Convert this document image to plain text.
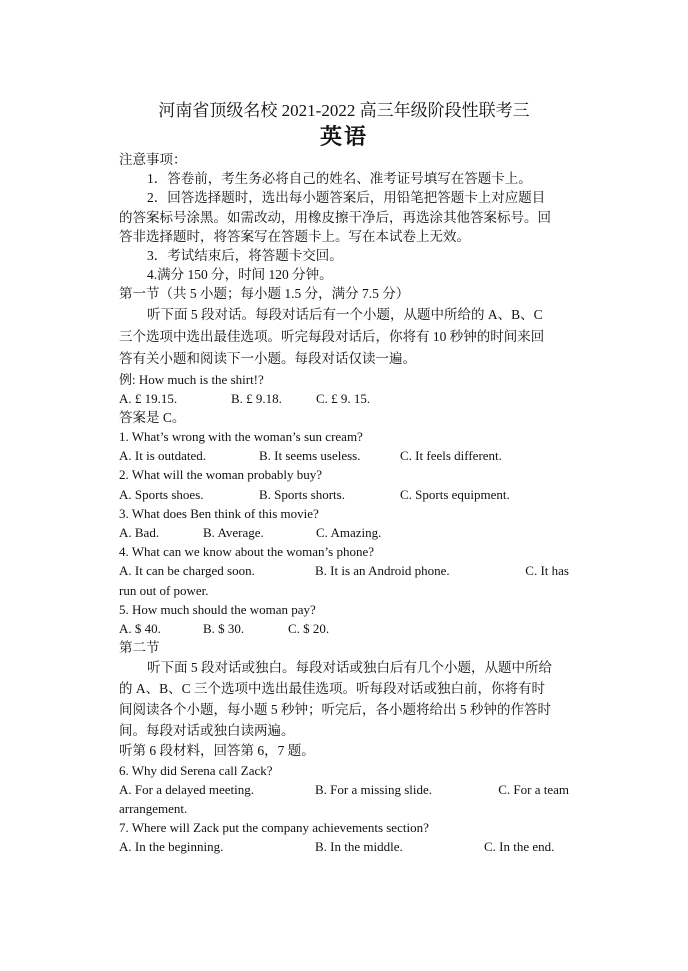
河南省顶级名校 2021-2022 高三年级阶段性联考三
英语
注意事项：
1．答卷前，考生务必将自己的姓名、准考证号填写在答题卡上。
2．回答选择题时，选出每小题答案后，用铅笔把答题卡上对应题目
的答案标号涂黑。如需改动，用橡皮擦干净后，再选涂其他答案标号。回
答非选择题时，将答案写在答题卡上。写在本试卷上无效。
3．考试结束后，将答题卡交回。
4.满分 150 分，时间 120 分钟。
第一节（共 5 小题；每小题 1.5 分，满分 7.5 分）
听下面 5 段对话。每段对话后有一个小题，从题中所给的 A、B、C
三个选项中选出最佳选项。听完每段对话后，你将有 10 秒钟的时间来回
答有关小题和阅读下一小题。每段对话仅读一遍。
例: How much is the shirt!?
A. £ 19.15.	B. £ 9.18.	C. £ 9. 15.
答案是 C。
1. What’s wrong with the woman’s sun cream?
A. It is outdated.	B. It seems useless.	C. It feels different.
2. What will the woman probably buy?
A. Sports shoes.	B. Sports shorts.	C. Sports equipment.
3. What does Ben think of this movie?
A. Bad.	B. Average.	C. Amazing.
4. What can we know about the woman’s phone?
A. It can be charged soon.	B. It is an Android phone.	C. It has
run out of power.
5. How much should the woman pay?
A. $ 40.	B. $ 30.	C. $ 20.
第二节
听下面 5 段对话或独白。每段对话或独白后有几个小题，从题中所给
的 A、B、C 三个选项中选出最佳选项。听每段对话或独白前，你将有时
间阅读各个小题，每小题 5 秒钟；听完后，各小题将给出 5 秒钟的作答时
间。每段对话或独白读两遍。
听第 6 段材料，回答第 6，7 题。
6. Why did Serena call Zack?
A. For a delayed meeting.	B. For a missing slide.	C. For a team
arrangement.
7. Where will Zack put the company achievements section?
A. In the beginning.	B. In the middle.	C. In the end.
